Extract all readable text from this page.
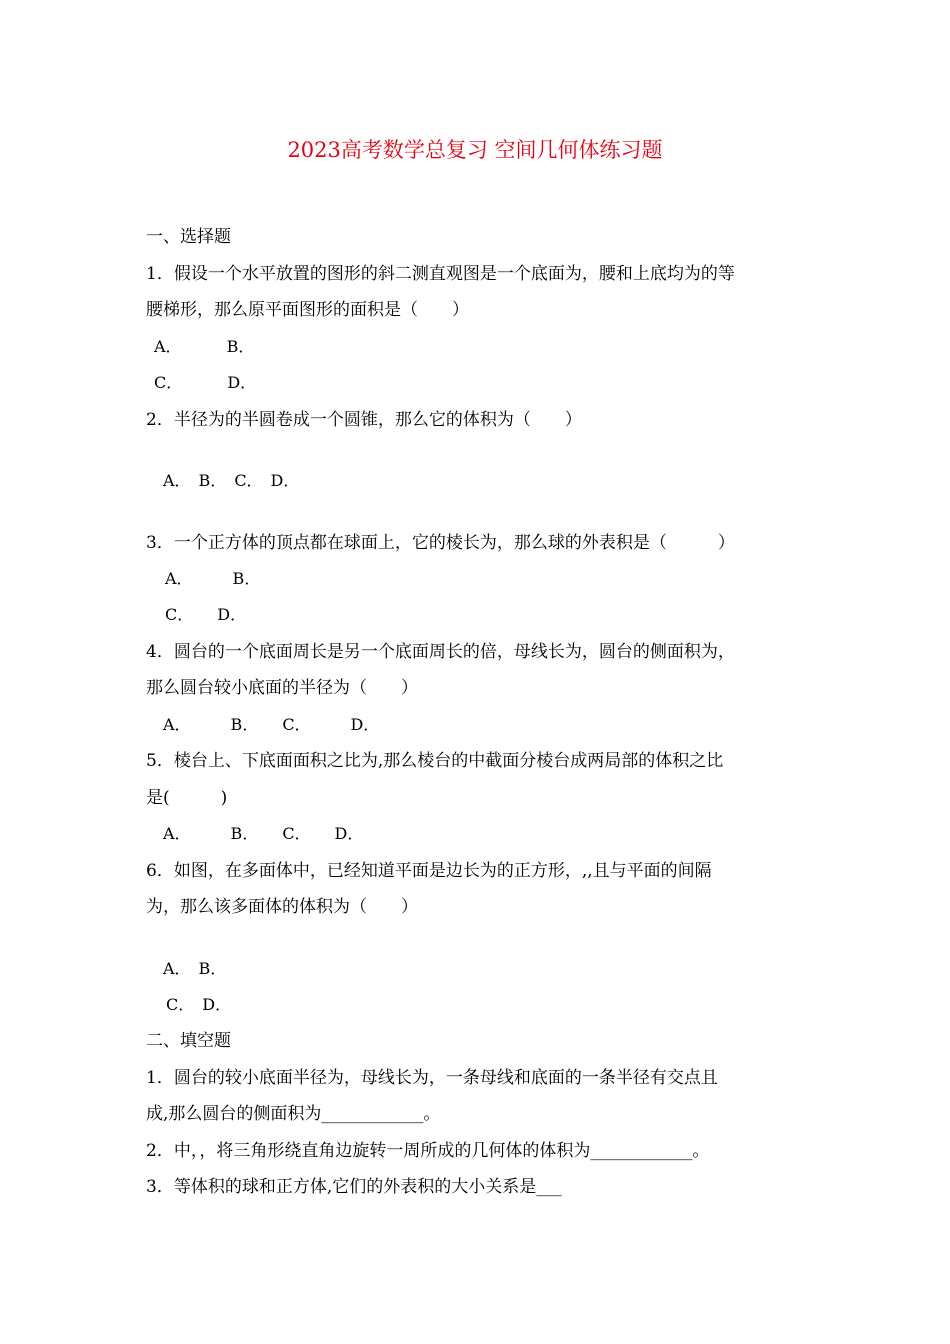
2023高考数学总复习 空间几何体练习题
一、选择题
1．假设一个水平放置的图形的斜二测直观图是一个底面为，腰和上底均为的等
腰梯形，那么原平面图形的面积是（　　）
A．　　　 B．
C．　　　 D．
2．半径为的半圆卷成一个圆锥，那么它的体积为（　　）
A．　B．　C．　D．
3．一个正方体的顶点都在球面上，它的棱长为，那么球的外表积是（　　　）
A．　　　B．
C．　　D．
4．圆台的一个底面周长是另一个底面周长的倍，母线长为，圆台的侧面积为，
那么圆台较小底面的半径为（　　）
A．　　　B．　　C．　　　D．
5．棱台上、下底面面积之比为,那么棱台的中截面分棱台成两局部的体积之比
是(　　　)
A．　　　B．　　C．　　D．
6．如图，在多面体中，已经知道平面是边长为的正方形，,,且与平面的间隔
为，那么该多面体的体积为（　　）
A．　B．
C．　D．
二、填空题
1．圆台的较小底面半径为，母线长为，一条母线和底面的一条半径有交点且
成,那么圆台的侧面积为____________。
2．中，，将三角形绕直角边旋转一周所成的几何体的体积为____________。
3．等体积的球和正方体,它们的外表积的大小关系是___
